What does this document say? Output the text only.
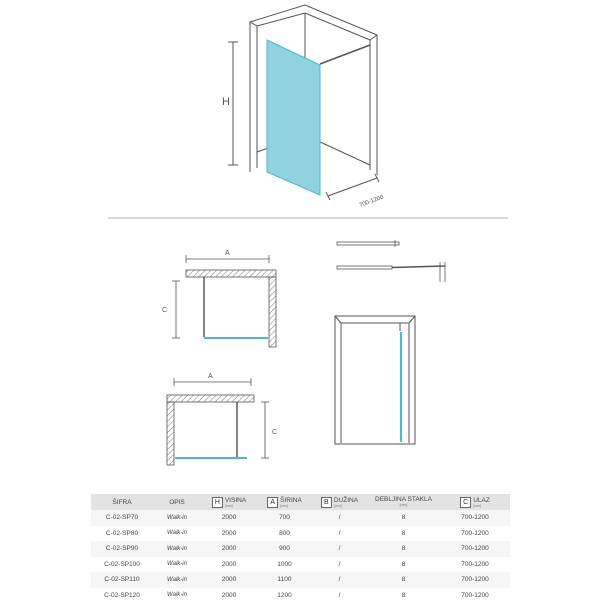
H
700-1200
A
C
A
C
ŠIFRA	OPIS	H VISINA
[mm]	A ŠIRINA
[mm]	B DUŽINA
[mm]	DEBLJINA STAKLA
[mm]	C ULAZ
[mm]

C-02-SP70	Walk-in	2000	700	/	8	700-1200
C-02-SP80	Walk-in	2000	800	/	8	700-1200
C-02-SP90	Walk-in	2000	900	/	8	700-1200
C-02-SP100	Walk-in	2000	1000	/	8	700-1200
C-02-SP110	Walk-in	2000	1100	/	8	700-1200
C-02-SP120	Walk-in	2000	1200	/	8	700-1200
